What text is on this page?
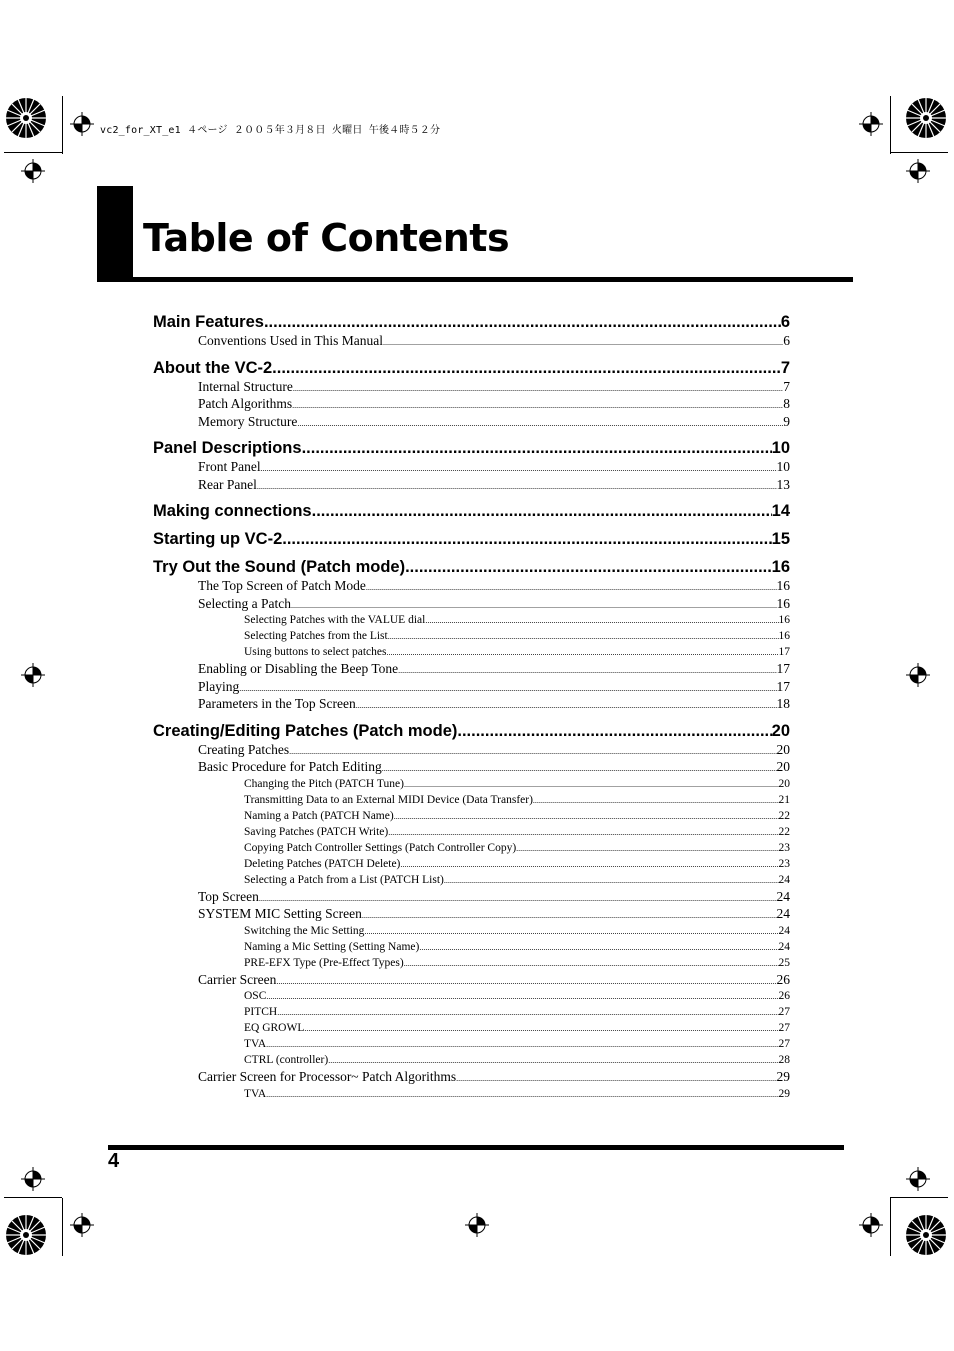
vc2_for_XT_e1 ４ページ ２００５年３月８日 火曜日 午後４時５２分
Table of Contents
Main Features .....	6
Conventions Used in This Manual .....	6
About the VC-2 .....	7
Internal Structure .....	7
Patch Algorithms .....	8
Memory Structure .....	9
Panel Descriptions .....	10
Front Panel .....	10
Rear Panel .....	13
Making connections .....	14
Starting up VC-2 .....	15
Try Out the Sound (Patch mode) .....	16
The Top Screen of Patch Mode .....	16
Selecting a Patch .....	16
Selecting Patches with the VALUE dial .....	16
Selecting Patches from the List .....	16
Using buttons to select patches .....	17
Enabling or Disabling the Beep Tone .....	17
Playing .....	17
Parameters in the Top Screen .....	18
Creating/Editing Patches (Patch mode) .....	20
Creating Patches .....	20
Basic Procedure for Patch Editing .....	20
Changing the Pitch (PATCH Tune) .....	20
Transmitting Data to an External MIDI Device (Data Transfer) .....	21
Naming a Patch (PATCH Name) .....	22
Saving Patches (PATCH Write) .....	22
Copying Patch Controller Settings (Patch Controller Copy) .....	23
Deleting Patches (PATCH Delete) .....	23
Selecting a Patch from a List (PATCH List) .....	24
Top Screen .....	24
SYSTEM MIC Setting Screen .....	24
Switching the Mic Setting .....	24
Naming a Mic Setting (Setting Name) .....	24
PRE-EFX Type (Pre-Effect Types) .....	25
Carrier Screen .....	26
OSC .....	26
PITCH .....	27
EQ GROWL .....	27
TVA .....	27
CTRL (controller) .....	28
Carrier Screen for Processor~ Patch Algorithms .....	29
TVA .....	29
4
